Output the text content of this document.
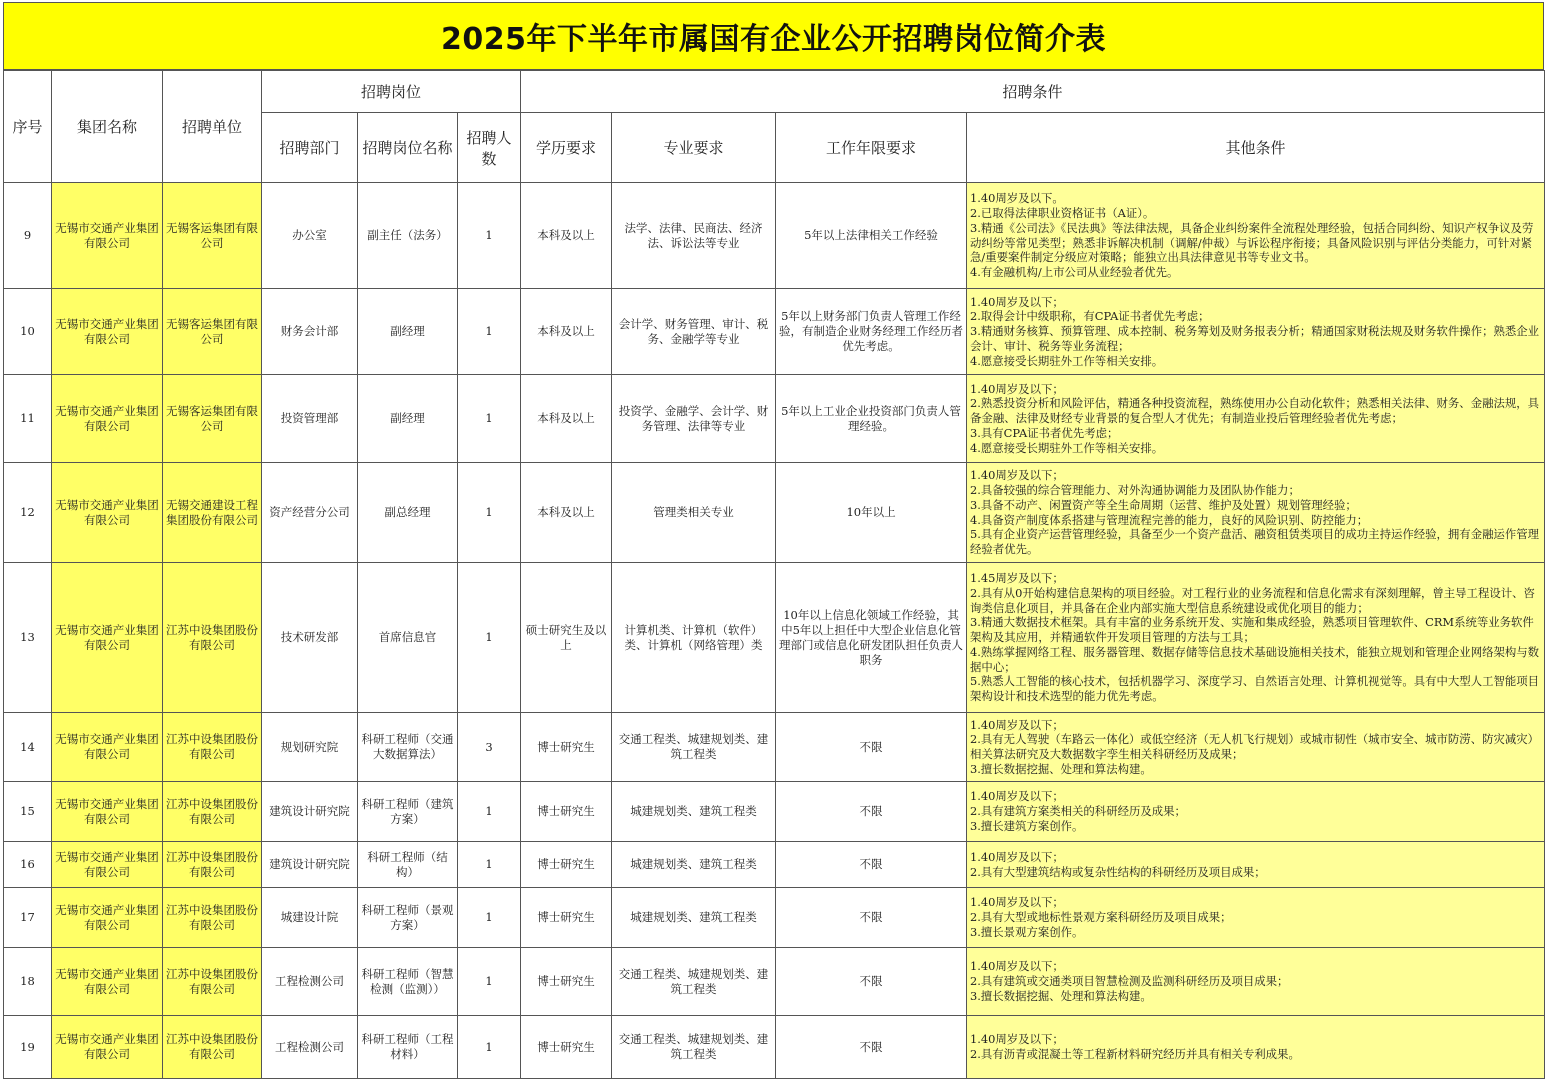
2025年下半年市属国有企业公开招聘岗位简介表
序号	集团名称	招聘单位	招聘岗位			招聘条件			
			招聘部门	招聘岗位名称	招聘人数	学历要求	专业要求	工作年限要求	其他条件
9	无锡市交通产业集团有限公司	无锡客运集团有限公司	办公室	副主任（法务）	1	本科及以上	法学、法律、民商法、经济法、诉讼法等专业	5年以上法律相关工作经验	1.40周岁及以下。
2.已取得法律职业资格证书（A证）。
3.精通《公司法》《民法典》等法律法规，具备企业纠纷案件全流程处理经验，包括合同纠纷、知识产权争议及劳动纠纷等常见类型；熟悉非诉解决机制（调解/仲裁）与诉讼程序衔接；具备风险识别与评估分类能力，可针对紧急/重要案件制定分级应对策略；能独立出具法律意见书等专业文书。
4.有金融机构/上市公司从业经验者优先。

10	无锡市交通产业集团有限公司	无锡客运集团有限公司	财务会计部	副经理	1	本科及以上	会计学、财务管理、审计、税务、金融学等专业	5年以上财务部门负责人管理工作经验，有制造企业财务经理工作经历者优先考虑。	1.40周岁及以下；
2.取得会计中级职称，有CPA证书者优先考虑；
3.精通财务核算、预算管理、成本控制、税务筹划及财务报表分析；精通国家财税法规及财务软件操作；熟悉企业会计、审计、税务等业务流程；
4.愿意接受长期驻外工作等相关安排。

11	无锡市交通产业集团有限公司	无锡客运集团有限公司	投资管理部	副经理	1	本科及以上	投资学、金融学、会计学、财务管理、法律等专业	5年以上工业企业投资部门负责人管理经验。	1.40周岁及以下；
2.熟悉投资分析和风险评估，精通各种投资流程，熟练使用办公自动化软件；熟悉相关法律、财务、金融法规，具备金融、法律及财经专业背景的复合型人才优先；有制造业投后管理经验者优先考虑；
3.具有CPA证书者优先考虑；
4.愿意接受长期驻外工作等相关安排。

12	无锡市交通产业集团有限公司	无锡交通建设工程集团股份有限公司	资产经营分公司	副总经理	1	本科及以上	管理类相关专业	10年以上	1.40周岁及以下；
2.具备较强的综合管理能力、对外沟通协调能力及团队协作能力；
3.具备不动产、闲置资产等全生命周期（运营、维护及处置）规划管理经验；
4.具备资产制度体系搭建与管理流程完善的能力，良好的风险识别、防控能力；
5.具有企业资产运营管理经验，具备至少一个资产盘活、融资租赁类项目的成功主持运作经验，拥有金融运作管理经验者优先。

13	无锡市交通产业集团有限公司	江苏中设集团股份有限公司	技术研发部	首席信息官	1	硕士研究生及以上	计算机类、计算机（软件）类、计算机（网络管理）类	10年以上信息化领域工作经验，其中5年以上担任中大型企业信息化管理部门或信息化研发团队担任负责人职务	1.45周岁及以下；
2.具有从0开始构建信息架构的项目经验。对工程行业的业务流程和信息化需求有深刻理解，曾主导工程设计、咨询类信息化项目，并具备在企业内部实施大型信息系统建设或优化项目的能力；
3.精通大数据技术框架。具有丰富的业务系统开发、实施和集成经验，熟悉项目管理软件、CRM系统等业务软件架构及其应用，并精通软件开发项目管理的方法与工具；
4.熟练掌握网络工程、服务器管理、数据存储等信息技术基础设施相关技术，能独立规划和管理企业网络架构与数据中心；
5.熟悉人工智能的核心技术，包括机器学习、深度学习、自然语言处理、计算机视觉等。具有中大型人工智能项目架构设计和技术选型的能力优先考虑。

14	无锡市交通产业集团有限公司	江苏中设集团股份有限公司	规划研究院	科研工程师（交通大数据算法）	3	博士研究生	交通工程类、城建规划类、建筑工程类	不限	1.40周岁及以下；
2.具有无人驾驶（车路云一体化）或低空经济（无人机飞行规划）或城市韧性（城市安全、城市防涝、防灾减灾）相关算法研究及大数据数字孪生相关科研经历及成果；
3.擅长数据挖掘、处理和算法构建。

15	无锡市交通产业集团有限公司	江苏中设集团股份有限公司	建筑设计研究院	科研工程师（建筑方案）	1	博士研究生	城建规划类、建筑工程类	不限	1.40周岁及以下；
2.具有建筑方案类相关的科研经历及成果；
3.擅长建筑方案创作。

16	无锡市交通产业集团有限公司	江苏中设集团股份有限公司	建筑设计研究院	科研工程师（结构）	1	博士研究生	城建规划类、建筑工程类	不限	1.40周岁及以下；
2.具有大型建筑结构或复杂性结构的科研经历及项目成果；

17	无锡市交通产业集团有限公司	江苏中设集团股份有限公司	城建设计院	科研工程师（景观方案）	1	博士研究生	城建规划类、建筑工程类	不限	1.40周岁及以下；
2.具有大型或地标性景观方案科研经历及项目成果；
3.擅长景观方案创作。

18	无锡市交通产业集团有限公司	江苏中设集团股份有限公司	工程检测公司	科研工程师（智慧检测（监测））	1	博士研究生	交通工程类、城建规划类、建筑工程类	不限	1.40周岁及以下；
2.具有建筑或交通类项目智慧检测及监测科研经历及项目成果；
3.擅长数据挖掘、处理和算法构建。

19	无锡市交通产业集团有限公司	江苏中设集团股份有限公司	工程检测公司	科研工程师（工程材料）	1	博士研究生	交通工程类、城建规划类、建筑工程类	不限	1.40周岁及以下；
2.具有沥青或混凝土等工程新材料研究经历并具有相关专利成果。
